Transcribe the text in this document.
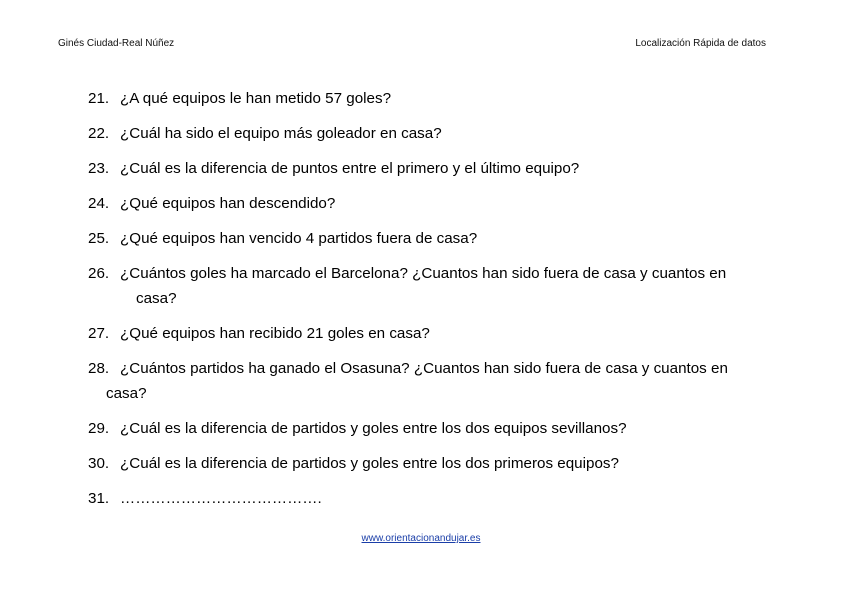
Ginés Ciudad-Real Núñez	Localización Rápida de datos
21. ¿A qué equipos le han metido 57 goles?
22. ¿Cuál ha sido el equipo más goleador en casa?
23. ¿Cuál es la diferencia de puntos entre el primero y el último equipo?
24. ¿Qué equipos han descendido?
25. ¿Qué equipos han vencido 4 partidos fuera de casa?
26. ¿Cuántos goles ha marcado el Barcelona? ¿Cuantos han sido fuera de casa y cuantos en
casa?
27. ¿Qué equipos han recibido 21 goles en casa?
28. ¿Cuántos partidos ha ganado el Osasuna? ¿Cuantos han sido fuera de casa y cuantos en
casa?
29. ¿Cuál es la diferencia de partidos y goles entre los dos equipos sevillanos?
30. ¿Cuál es la diferencia de partidos y goles entre los dos primeros equipos?
31. ………………………………….
www.orientacionandujar.es
